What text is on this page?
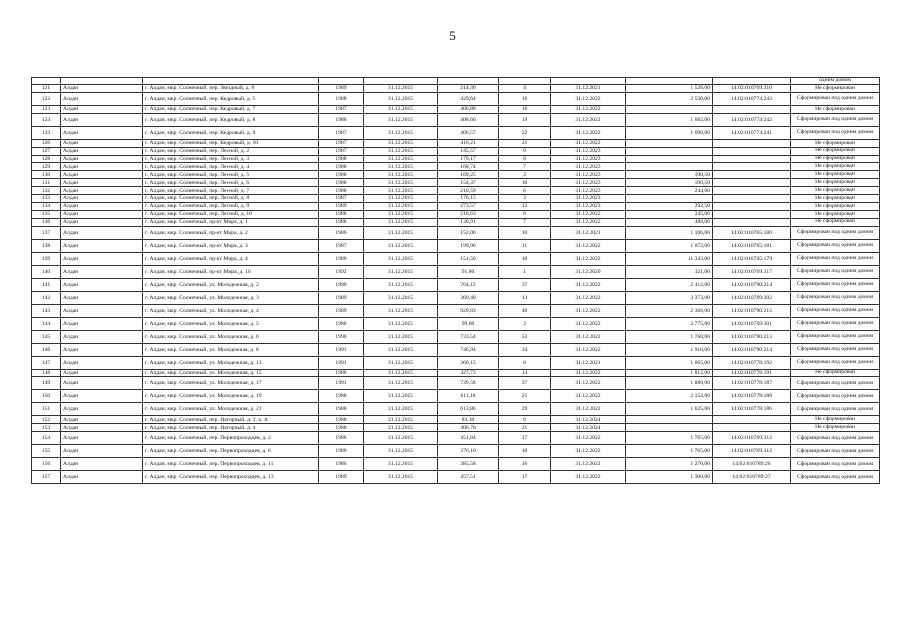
5
										одним домом
121	Алдан	г. Алдан, мкр. Солнечный, пер. Звездный, д. 8	1989	31.12.2015	214,30	4	31.12.2021	1 526,00	14:02:010769:310	Не сформирован
122	Алдан	г. Алдан, мкр. Солнечный, пер. Кедровый, д. 5	1988	31.12.2015	429,64	16	31.12.2022	2 530,00	14:02:010774:243	Сформирован под одним домом
123	Алдан	г. Алдан, мкр. Солнечный, пер. Кедровый, д. 7	1987	31.12.2015	406,88	16	31.12.2022			Не сформирован
124	Алдан	г. Алдан, мкр. Солнечный, пер. Кедровый, д. 8	1988	31.12.2015	408,60	19	31.12.2022	1 682,00	14:02:010774:242	Сформирован под одним домом
133	Алдан	г. Алдан, мкр. Солнечный, пер. Кедровый, д. 9	1987	31.12.2015	406,57	22	31.12.2022	1 696,00	14:02:010774:241	Сформирован под одним домом
126	Алдан	г. Алдан, мкр. Солнечный, пер. Кедровый, д. 10	1987	31.12.2015	416,21	21	31.12.2022			Не сформирован
127	Алдан	г. Алдан, мкр. Солнечный, пер. Лесной, д. 2	1987	31.12.2015	145,57	0	31.12.2023			Не сформирован
128	Алдан	г. Алдан, мкр. Солнечный, пер. Лесной, д. 3	1988	31.12.2015	179,17	8	31.12.2023			Не сформирован
129	Алдан	г. Алдан, мкр. Солнечный, пер. Лесной, д. 4	1988	31.12.2015	168,74	7	31.12.2023			Не сформирован
130	Алдан	г. Алдан, мкр. Солнечный, пер. Лесной, д. 5	1988	31.12.2015	169,25	3	31.12.2023	190,50		Не сформирован
131	Алдан	г. Алдан, мкр. Солнечный, пер. Лесной, д. 6	1988	31.12.2015	154,37	10	31.12.2023	190,50		Не сформирован
132	Алдан	г. Алдан, мкр. Солнечный, пер. Лесной, д. 7	1988	31.12.2015	210,59	6	31.12.2023	244,00		Не сформирован
133	Алдан	г. Алдан, мкр. Солнечный, пер. Лесной, д. 8	1987	31.12.2015	176,15	3	31.12.2023			Не сформирован
134	Алдан	г. Алдан, мкр. Солнечный, пер. Лесной, д. 9	1989	31.12.2015	273,57	12	31.12.2023	292,50		Не сформирован
135	Алдан	г. Алдан, мкр. Солнечный, пер. Лесной, д. 10	1988	31.12.2015	216,63	8	31.12.2022	245,00		Не сформирован
136	Алдан	г. Алдан, мкр. Солнечный, пр-кт Мира, д. 1	1988	31.12.2015	130,91	7	31.12.2022	488,00		Не сформирован
137	Алдан	г. Алдан, мкр. Солнечный, пр-кт Мира, д. 2	1986	31.12.2015	152,00	10	31.12.2021	1 106,00	14:02:010765:180	Сформирован под одним домом
138	Алдан	г. Алдан, мкр. Солнечный, пр-кт Мира, д. 3	1987	31.12.2015	199,90	11	31.12.2022	1 072,00	14:02:010765:181	Сформирован под одним домом
139	Алдан	г. Алдан, мкр. Солнечный, пр-кт Мира, д. 4	1986	31.12.2015	151,50	10	31.12.2022	11 343,00	14:02:010765:179	Сформирован под одним домом
140	Алдан	г. Алдан, мкр. Солнечный, пр-кт Мира, д. 10	1992	31.12.2015	91,80	1	31.12.2020	321,00	14:02:010769:317	Сформирован под одним домом
141	Алдан	г. Алдан, мкр. Солнечный, ул. Молодежная, д. 2	1990	31.12.2015	764,12	37	31.12.2022	2 412,00	14:02:010790:214	Сформирован под одним домом
142	Алдан	г. Алдан, мкр. Солнечный, ул. Молодежная, д. 3	1989	31.12.2015	360,40	13	31.12.2022	3 373,00	14:02:010769:302	Сформирован под одним домом
143	Алдан	г. Алдан, мкр. Солнечный, ул. Молодежная, д. 4	1989	31.12.2015	929,83	40	31.12.2022	2 366,00	14:02:010790:215	Сформирован под одним домом
144	Алдан	г. Алдан, мкр. Солнечный, ул. Молодежная, д. 5	1986	31.12.2015	99,60	3	31.12.2022	2 775,00	14:02:010769:301	Сформирован под одним домом
145	Алдан	г. Алдан, мкр. Солнечный, ул. Молодежная, д. 6	1990	31.12.2015	733,54	53	31.12.2022	1 760,00	14:02:010790:213	Сформирован под одним домом
146	Алдан	г. Алдан, мкр. Солнечный, ул. Молодежная, д. 8	1991	31.12.2015	746,94	34	31.12.2022	1 910,00	14:02:010790:214	Сформирован под одним домом
147	Алдан	г. Алдан, мкр. Солнечный, ул. Молодежная, д. 13	1991	31.12.2015	360,15	8	31.12.2021	1 665,00	14:02:010778:192	Сформирован под одним домом
148	Алдан	г. Алдан, мкр. Солнечный, ул. Молодежная, д. 15	1988	31.12.2015	427,73	14	31.12.2022	1 812,00	14:02:010778:191	Не сформирован
149	Алдан	г. Алдан, мкр. Солнечный, ул. Молодежная, д. 17	1991	31.12.2015	739,58	37	31.12.2022	1 880,00	14:02:010778:187	Сформирован под одним домом
150	Алдан	г. Алдан, мкр. Солнечный, ул. Молодежная, д. 19	1988	31.12.2015	611,18	25	31.12.2022	2 152,00	14:02:010778:188	Сформирован под одним домом
151	Алдан	г. Алдан, мкр. Солнечный, ул. Молодежная, д. 21	1988	31.12.2015	613,86	29	31.12.2022	1 625,00	14:02:010778:186	Сформирован под одним домом
152	Алдан	г. Алдан, мкр. Солнечный, пер. Нагорный, д. 2, к. А	1988	31.12.2015	83,30	6	31.12.2024			Не сформирован
153	Алдан	г. Алдан, мкр. Солнечный, пер. Нагорный, д. 4	1988	31.12.2015	406,70	21	31.12.2024			Не сформирован
154	Алдан	г. Алдан, мкр. Солнечный, пер. Первопроходцев, д. 2	1986	31.12.2015	451,84	17	31.12.2022	1 765,00	14:02:010769:312	Сформирован под одним домом
155	Алдан	г. Алдан, мкр. Солнечный, пер. Первопроходцев, д. 6	1986	31.12.2015	376,10	10	31.12.2022	1 765,00	14:02:010769:312	Сформирован под одним домом
156	Алдан	г. Алдан, мкр. Солнечный, пер. Первопроходцев, д. 11	1986	31.12.2015	385,58	16	31.12.2022	1 270,00	14:02:010789:26	Сформирован под одним домом
157	Алдан	г. Алдан, мкр. Солнечный, пер. Первопроходцев, д. 13	1989	31.12.2015	457,51	17	31.12.2022	1 300,00	14:02:010789:27	Сформирован под одним домом
